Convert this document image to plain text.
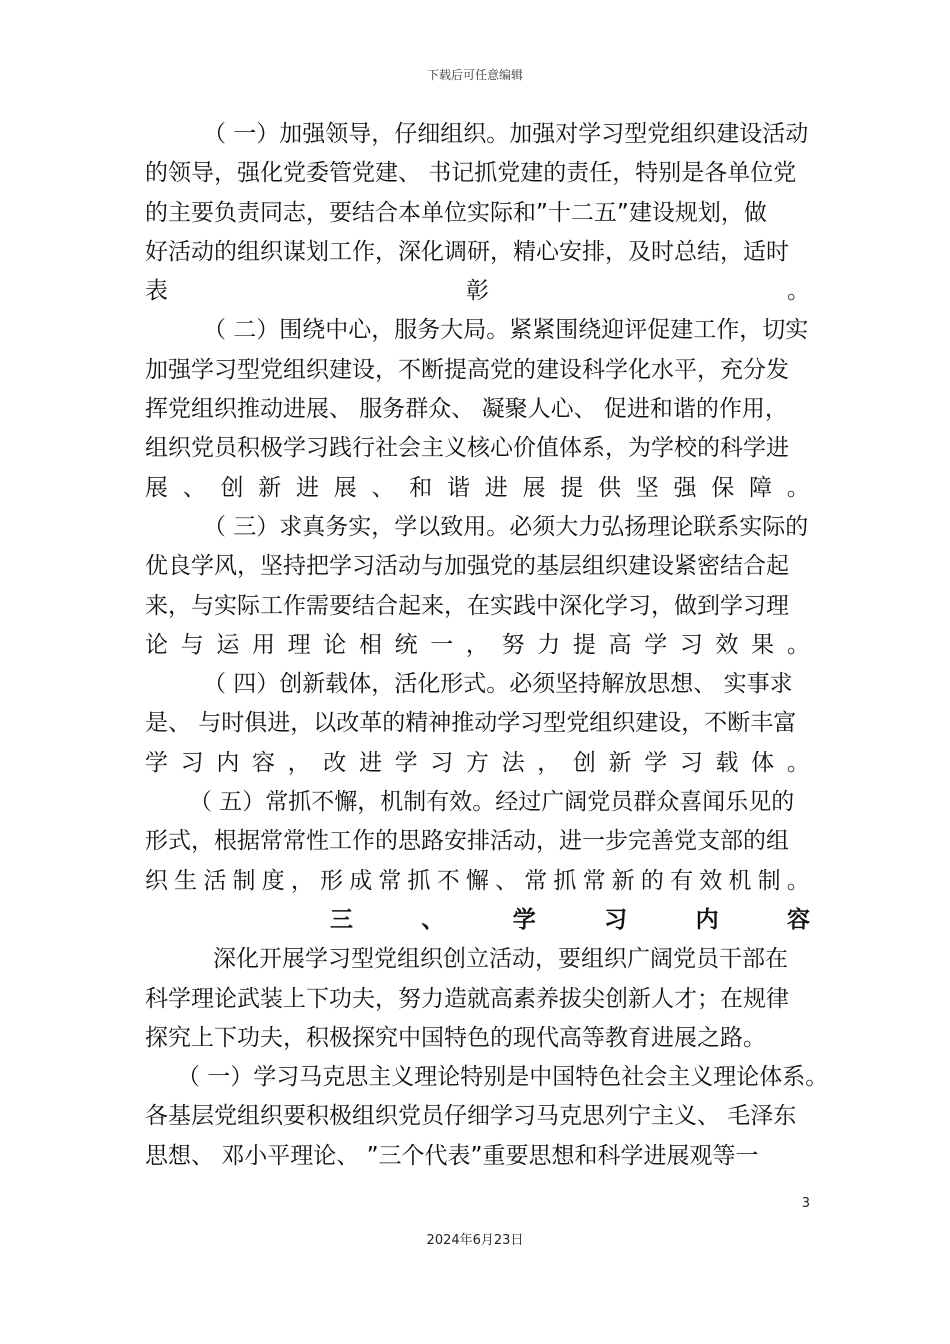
下载后可任意编辑
（ 一）加强领导，仔细组织。加强对学习型党组织建设活动
的领导，强化党委管党建、 书记抓党建的责任，特别是各单位党
的主要负责同志，要结合本单位实际和”十二五”建设规划，做
好活动的组织谋划工作，深化调研，精心安排，及时总结，适时
表	彰	。
（ 二）围绕中心，服务大局。紧紧围绕迎评促建工作，切实
加强学习型党组织建设，不断提高党的建设科学化水平，充分发
挥党组织推动进展、 服务群众、 凝聚人心、 促进和谐的作用，
组织党员积极学习践行社会主义核心价值体系，为学校的科学进
展 、 创 新 进 展 、 和 谐 进 展 提 供 坚 强 保 障 。
（ 三）求真务实，学以致用。必须大力弘扬理论联系实际的
优良学风，坚持把学习活动与加强党的基层组织建设紧密结合起
来，与实际工作需要结合起来，在实践中深化学习，做到学习理
论 与 运 用 理 论 相 统 一 ， 努 力 提 高 学 习 效 果 。
（ 四）创新载体，活化形式。必须坚持解放思想、 实事求
是、 与时俱进，以改革的精神推动学习型党组织建设，不断丰富
学 习 内 容 ， 改 进 学 习 方 法 ， 创 新 学 习 载 体 。
（ 五）常抓不懈，机制有效。经过广阔党员群众喜闻乐见的
形式，根据常常性工作的思路安排活动，进一步完善党支部的组
织 生 活 制 度 ， 形 成 常 抓 不 懈 、 常 抓 常 新 的 有 效 机 制 。
三	、	学	习	内	容
深化开展学习型党组织创立活动，要组织广阔党员干部在
科学理论武装上下功夫，努力造就高素养拔尖创新人才；在规律
探究上下功夫，积极探究中国特色的现代高等教育进展之路。
（ 一）学习马克思主义理论特别是中国特色社会主义理论体系。
各基层党组织要积极组织党员仔细学习马克思列宁主义、 毛泽东
思想、 邓小平理论、 ”三个代表”重要思想和科学进展观等一
3
2024年6月23日
